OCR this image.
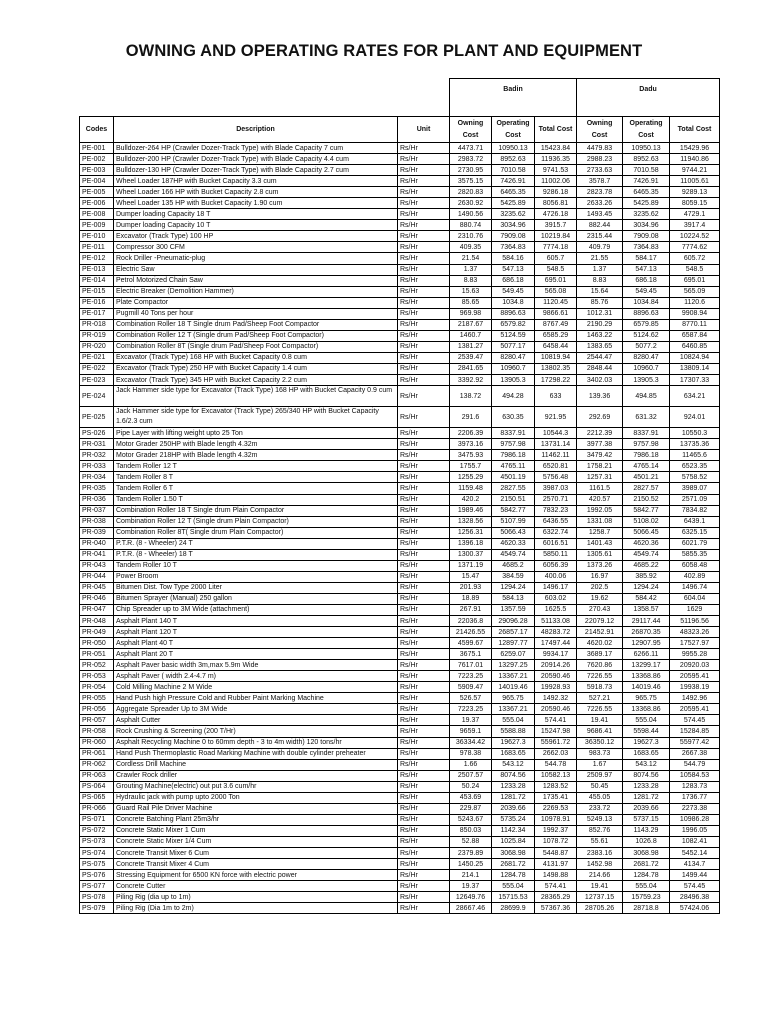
OWNING AND OPERATING RATES FOR PLANT AND EQUIPMENT
			Badin			Dadu		
Codes	Description	Unit	Owning Cost	Operating Cost	Total Cost	Owning Cost	Operating Cost	Total Cost
PE-001	Bulldozer-264 HP (Crawler Dozer-Track Type) with Blade Capacity 7 cum	Rs/Hr	4473.71	10950.13	15423.84	4479.83	10950.13	15429.96
PE-002	Bulldozer-200 HP (Crawler Dozer-Track Type) with Blade Capacity 4.4 cum	Rs/Hr	2983.72	8952.63	11936.35	2988.23	8952.63	11940.86
PE-003	Bulldozer-130 HP (Crawler Dozer-Track Type) with Blade Capacity 2.7 cum	Rs/Hr	2730.95	7010.58	9741.53	2733.63	7010.58	9744.21
PE-004	Wheel Loader 187HP with Bucket Capacity 3.3 cum	Rs/Hr	3575.15	7426.91	11002.06	3578.7	7426.91	11005.61
PE-005	Wheel Loader 166 HP with Bucket Capacity 2.8 cum	Rs/Hr	2820.83	6465.35	9286.18	2823.78	6465.35	9289.13
PE-006	Wheel Loader 135 HP with Bucket Capacity 1.90 cum	Rs/Hr	2630.92	5425.89	8056.81	2633.26	5425.89	8059.15
PE-008	Dumper loading Capacity 18 T	Rs/Hr	1490.56	3235.62	4726.18	1493.45	3235.62	4729.1
PE-009	Dumper loading Capacity 10 T	Rs/Hr	880.74	3034.96	3915.7	882.44	3034.96	3917.4
PE-010	Excavator (Track Type) 100 HP	Rs/Hr	2310.76	7909.08	10219.84	2315.44	7909.08	10224.52
PE-011	Compressor 300 CFM	Rs/Hr	409.35	7364.83	7774.18	409.79	7364.83	7774.62
PE-012	Rock Driller -Pneumatic-plug	Rs/Hr	21.54	584.16	605.7	21.55	584.17	605.72
PE-013	Electric Saw	Rs/Hr	1.37	547.13	548.5	1.37	547.13	548.5
PE-014	Petrol Motorized Chain Saw	Rs/Hr	8.83	686.18	695.01	8.83	686.18	695.01
PE-015	Electric Breaker (Demolition Hammer)	Rs/Hr	15.63	549.45	565.08	15.64	549.45	565.09
PE-016	Plate Compactor	Rs/Hr	85.65	1034.8	1120.45	85.76	1034.84	1120.6
PE-017	Pugmill 40 Tons per hour	Rs/Hr	969.98	8896.63	9866.61	1012.31	8896.63	9908.94
PR-018	Combination Roller 18 T Single drum Pad/Sheep Foot Compactor	Rs/Hr	2187.67	6579.82	8767.49	2190.29	6579.85	8770.11
PR-019	Combination Roller 12 T (Single drum Pad/Sheep Foot Compactor)	Rs/Hr	1460.7	5124.59	6585.29	1463.22	5124.62	6587.84
PR-020	Combination Roller 8T (Single drum Pad/Sheep Foot Compactor)	Rs/Hr	1381.27	5077.17	6458.44	1383.65	5077.2	6460.85
PE-021	Excavator (Track Type) 168 HP with Bucket Capacity 0.8 cum	Rs/Hr	2539.47	8280.47	10819.94	2544.47	8280.47	10824.94
PE-022	Excavator (Track Type) 250 HP with Bucket Capacity 1.4 cum	Rs/Hr	2841.65	10960.7	13802.35	2848.44	10960.7	13809.14
PE-023	Excavator (Track Type) 345 HP with Bucket Capacity 2.2 cum	Rs/Hr	3392.92	13905.3	17298.22	3402.03	13905.3	17307.33
PE-024	Jack Hammer side type for Excavator (Track Type) 168 HP with Bucket Capacity 0.9 cum	Rs/Hr	138.72	494.28	633	139.36	494.85	634.21
PE-025	Jack Hammer side type for Excavator (Track Type) 265/340 HP with Bucket Capacity 1.6/2.3 cum	Rs/Hr	291.6	630.35	921.95	292.69	631.32	924.01
PS-026	Pipe Layer with lifting weight upto 25 Ton	Rs/Hr	2206.39	8337.91	10544.3	2212.39	8337.91	10550.3
PR-031	Motor Grader 250HP with Blade length 4.32m	Rs/Hr	3973.16	9757.98	13731.14	3977.38	9757.98	13735.36
PR-032	Motor Grader 218HP with Blade length 4.32m	Rs/Hr	3475.93	7986.18	11462.11	3479.42	7986.18	11465.6
PR-033	Tandem Roller 12 T	Rs/Hr	1755.7	4765.11	6520.81	1758.21	4765.14	6523.35
PR-034	Tandem Roller 8 T	Rs/Hr	1255.29	4501.19	5756.48	1257.31	4501.21	5758.52
PR-035	Tandem Roller 6 T	Rs/Hr	1159.48	2827.55	3987.03	1161.5	2827.57	3989.07
PR-036	Tandem Roller 1.50 T	Rs/Hr	420.2	2150.51	2570.71	420.57	2150.52	2571.09
PR-037	Combination Roller 18 T Single drum Plain Compactor	Rs/Hr	1989.46	5842.77	7832.23	1992.05	5842.77	7834.82
PR-038	Combination Roller 12 T (Single drum Plain Compactor)	Rs/Hr	1328.56	5107.99	6436.55	1331.08	5108.02	6439.1
PR-039	Combination Roller 8T( Single drum Plain Compactor)	Rs/Hr	1256.31	5066.43	6322.74	1258.7	5066.45	6325.15
PR-040	P.T.R. (8 - Wheeler) 24 T	Rs/Hr	1396.18	4620.33	6016.51	1401.43	4620.36	6021.79
PR-041	P.T.R. (8 - Wheeler) 18 T	Rs/Hr	1300.37	4549.74	5850.11	1305.61	4549.74	5855.35
PR-043	Tandem Roller 10 T	Rs/Hr	1371.19	4685.2	6056.39	1373.26	4685.22	6058.48
PR-044	Power Broom	Rs/Hr	15.47	384.59	400.06	16.97	385.92	402.89
PR-045	Bitumen Dist. Tow Type 2000 Liter	Rs/Hr	201.93	1294.24	1496.17	202.5	1294.24	1496.74
PR-046	Bitumen Sprayer (Manual) 250 gallon	Rs/Hr	18.89	584.13	603.02	19.62	584.42	604.04
PR-047	Chip Spreader up to 3M Wide (attachment)	Rs/Hr	267.91	1357.59	1625.5	270.43	1358.57	1629
PR-048	Asphalt Plant 140 T	Rs/Hr	22036.8	29096.28	51133.08	22079.12	29117.44	51196.56
PR-049	Asphalt Plant 120 T	Rs/Hr	21426.55	26857.17	48283.72	21452.91	26870.35	48323.26
PR-050	Asphalt Plant 40 T	Rs/Hr	4599.67	12897.77	17497.44	4620.02	12907.95	17527.97
PR-051	Asphalt Plant 20 T	Rs/Hr	3675.1	6259.07	9934.17	3689.17	6266.11	9955.28
PR-052	Asphalt Paver basic width 3m,max 5.9m Wide	Rs/Hr	7617.01	13297.25	20914.26	7620.86	13299.17	20920.03
PR-053	Asphalt Paver ( width 2.4-4.7 m)	Rs/Hr	7223.25	13367.21	20590.46	7226.55	13368.86	20595.41
PR-054	Cold Milling Machine 2 M Wide	Rs/Hr	5909.47	14019.46	19928.93	5918.73	14019.46	19938.19
PR-055	Hand Push high Pressure Cold and Rubber Paint Marking Machine	Rs/Hr	526.57	965.75	1492.32	527.21	965.75	1492.96
PR-056	Aggregate Spreader Up to 3M Wide	Rs/Hr	7223.25	13367.21	20590.46	7226.55	13368.86	20595.41
PR-057	Asphalt Cutter	Rs/Hr	19.37	555.04	574.41	19.41	555.04	574.45
PR-058	Rock Crushing & Screening (200 T/Hr)	Rs/Hr	9659.1	5588.88	15247.98	9686.41	5598.44	15284.85
PR-060	Asphalt Recycling Machine 0 to 60mm depth - 3 to 4m width) 120 tons/hr	Rs/Hr	36334.42	19627.3	55961.72	36350.12	19627.3	55977.42
PR-061	Hand Push Thermoplastic Road Marking Machine with double cylinder preheater	Rs/Hr	978.38	1683.65	2662.03	983.73	1683.65	2667.38
PR-062	Cordless Drill Machine	Rs/Hr	1.66	543.12	544.78	1.67	543.12	544.79
PR-063	Crawler Rock driller	Rs/Hr	2507.57	8074.56	10582.13	2509.97	8074.56	10584.53
PS-064	Grouting Machine(electric) out put 3.6 cum/hr	Rs/Hr	50.24	1233.28	1283.52	50.45	1233.28	1283.73
PS-065	Hydraulic jack with pump upto 2000 Ton	Rs/Hr	453.69	1281.72	1735.41	455.05	1281.72	1736.77
PR-066	Guard Rail Pile Driver Machine	Rs/Hr	229.87	2039.66	2269.53	233.72	2039.66	2273.38
PS-071	Concrete Batching Plant 25m3/hr	Rs/Hr	5243.67	5735.24	10978.91	5249.13	5737.15	10986.28
PS-072	Concrete Static Mixer 1 Cum	Rs/Hr	850.03	1142.34	1992.37	852.76	1143.29	1996.05
PS-073	Concrete Static Mixer 1/4 Cum	Rs/Hr	52.88	1025.84	1078.72	55.61	1026.8	1082.41
PS-074	Concrete Transit Mixer 6 Cum	Rs/Hr	2379.89	3068.98	5448.87	2383.16	3068.98	5452.14
PS-075	Concrete Transit Mixer 4 Cum	Rs/Hr	1450.25	2681.72	4131.97	1452.98	2681.72	4134.7
PS-076	Stressing Equipment for 6500 KN force with electric power	Rs/Hr	214.1	1284.78	1498.88	214.66	1284.78	1499.44
PS-077	Concrete Cutter	Rs/Hr	19.37	555.04	574.41	19.41	555.04	574.45
PS-078	Piling Rig (dia up to 1m)	Rs/Hr	12649.76	15715.53	28365.29	12737.15	15759.23	28496.38
PS-079	Piling Rig (Dia 1m to 2m)	Rs/Hr	28667.46	28699.9	57367.36	28705.26	28718.8	57424.06
